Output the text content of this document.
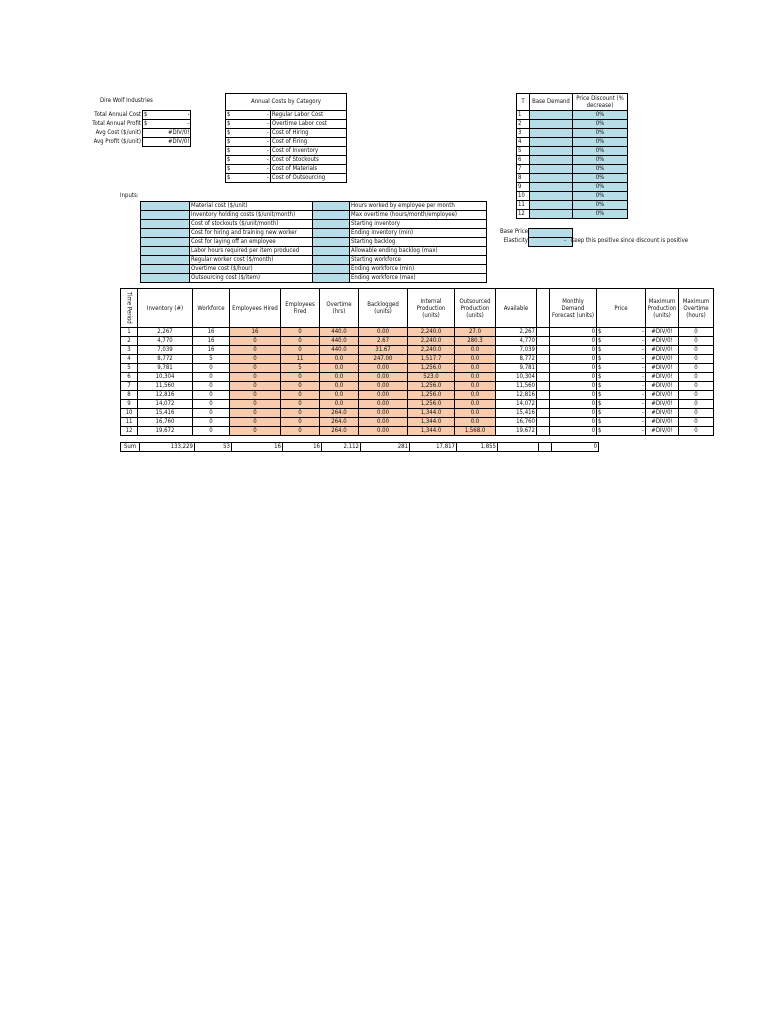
Dire Wolf Industries
Total Annual Cost	$	-
Total Annual Profit	$	-
Avg Cost ($/unit)		#DIV/0!
Avg Profit ($/unit)		#DIV/0!
Annual Costs by Category		
$	-	Regular Labor Cost
$	-	Overtime Labor cost
$	-	Cost of Hiring
$	-	Cost of Firing
$	-	Cost of Inventory
$	-	Cost of Stockouts
$	-	Cost of Materials
$	-	Cost of Outsourcing
T	Base Demand	Price Discount (% decrease)
1		0%
2		0%
3		0%
4		0%
5		0%
6		0%
7		0%
8		0%
9		0%
10		0%
11		0%
12		0%
Inputs:
	Material cost ($/unit)		Hours worked by employee per month
	Inventory holding costs ($/unit/month)		Max overtime (hours/month/employee)
	Cost of stockouts ($/unit/month)		Starting inventory
	Cost for hiring and training new worker		Ending inventory (min)
	Cost for laying off an employee		Starting backlog
	Labor hours required per item produced		Allowable ending backlog (max)
	Regular worker cost ($/month)		Starting workforce
	Overtime cost ($/hour)		Ending workforce (min)
	Outsourcing cost ($/item)		Ending workforce (max)
Base Price
Elasticity	- Keep this positive since discount is positive
Time Period	Inventory (#)	Workforce	Employees Hired	Employees Fired	Overtime (hrs)	Backlogged (units)	Internal Production (units)	Outsourced Production (units)	Available		Monthly Demand Forecast (units)	Price	Maximum Production (units)	Maximum Overtime (hours)
1	2,267	16	16	0	440.0	0.00	2,240.0	27.0	2,267		0	$ -	#DIV/0!	0
2	4,770	16	0	0	440.0	2.67	2,240.0	280.3	4,770		0	$ -	#DIV/0!	0
3	7,039	16	0	0	440.0	31.67	2,240.0	0.0	7,039		0	$ -	#DIV/0!	0
4	8,772	5	0	11	0.0	247.00	1,517.7	0.0	8,772		0	$ -	#DIV/0!	0
5	9,781	0	0	5	0.0	0.00	1,256.0	0.0	9,781		0	$ -	#DIV/0!	0
6	10,304	0	0	0	0.0	0.00	523.0	0.0	10,304		0	$ -	#DIV/0!	0
7	11,560	0	0	0	0.0	0.00	1,256.0	0.0	11,560		0	$ -	#DIV/0!	0
8	12,816	0	0	0	0.0	0.00	1,256.0	0.0	12,816		0	$ -	#DIV/0!	0
9	14,072	0	0	0	0.0	0.00	1,256.0	0.0	14,072		0	$ -	#DIV/0!	0
10	15,416	0	0	0	264.0	0.00	1,344.0	0.0	15,416		0	$ -	#DIV/0!	0
11	16,760	0	0	0	264.0	0.00	1,344.0	0.0	16,760		0	$ -	#DIV/0!	0
12	19,672	0	0	0	264.0	0.00	1,344.0	1,568.0	19,672		0	$ -	#DIV/0!	0
Sum	133,229	53	16	16	2,112	281	17,817	1,855			0
